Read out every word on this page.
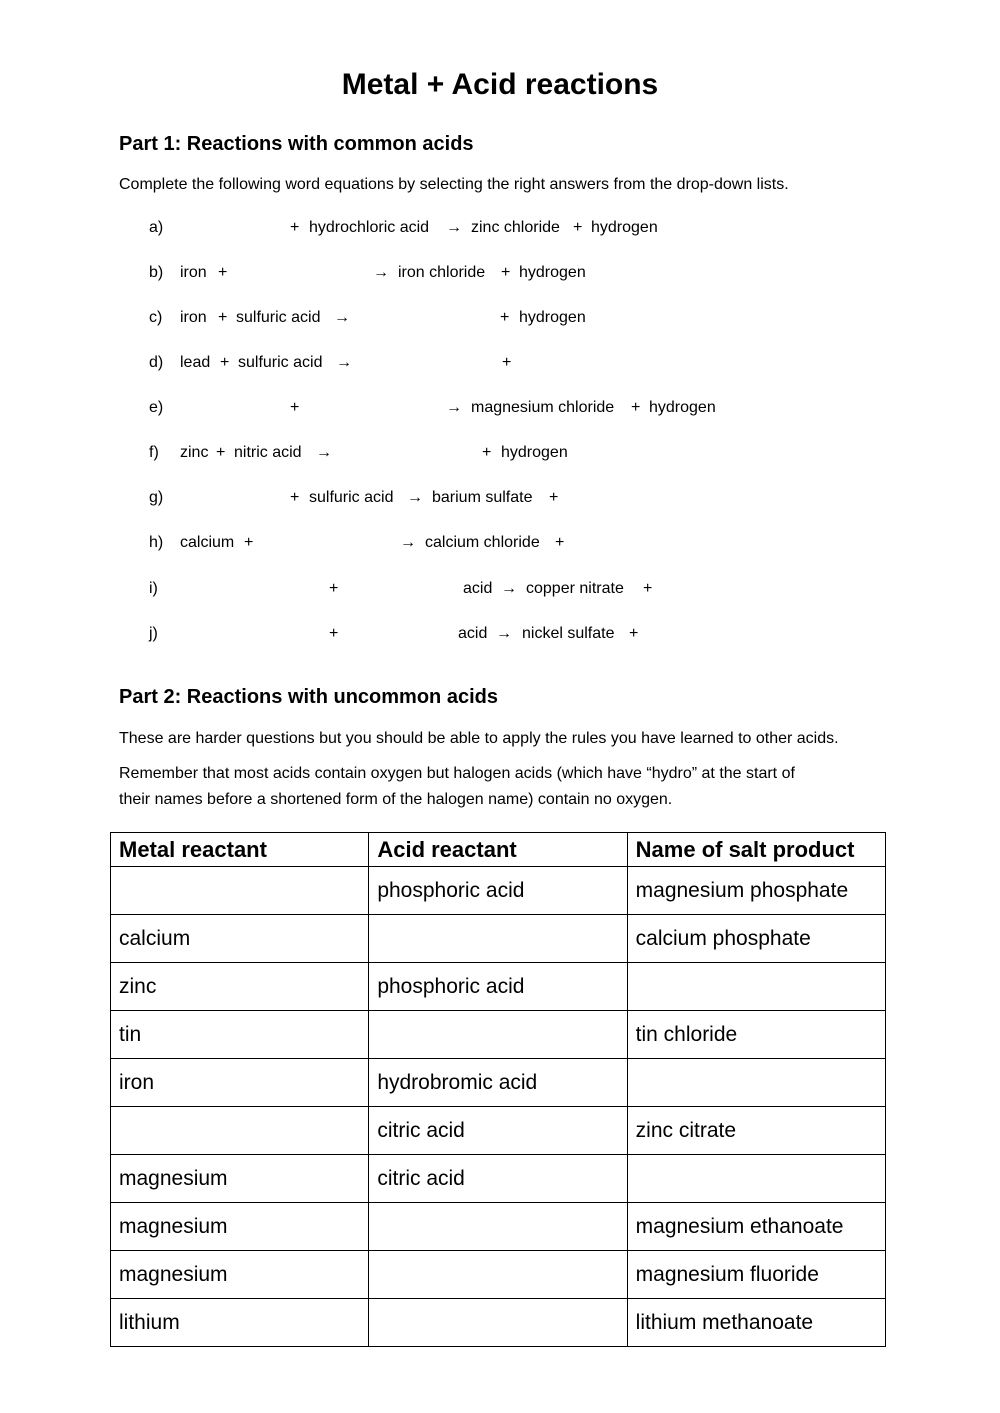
Metal + Acid reactions
Part 1: Reactions with common acids

Complete the following word equations by selecting the right answers from the drop-down lists.

a)	+ hydrochloric acid → zinc chloride + hydrogen
b) iron +	→ iron chloride + hydrogen
c) iron + sulfuric acid →	+ hydrogen
d) lead + sulfuric acid →	+
e)	+	→ magnesium chloride + hydrogen
f) zinc + nitric acid →	+ hydrogen
g)	+ sulfuric acid → barium sulfate +
h) calcium +	→ calcium chloride +
i)	+	acid → copper nitrate +
j)	+	acid → nickel sulfate +
Part 2: Reactions with uncommon acids

These are harder questions but you should be able to apply the rules you have learned to other acids.

Remember that most acids contain oxygen but halogen acids (which have “hydro” at the start of

their names before a shortened form of the halogen name) contain no oxygen.

Metal reactant	Acid reactant	Name of salt product
	phosphoric acid	magnesium phosphate
calcium		calcium phosphate
zinc	phosphoric acid	
tin		tin chloride
iron	hydrobromic acid	
	citric acid	zinc citrate
magnesium	citric acid	
magnesium		magnesium ethanoate
magnesium		magnesium fluoride
lithium		lithium methanoate
